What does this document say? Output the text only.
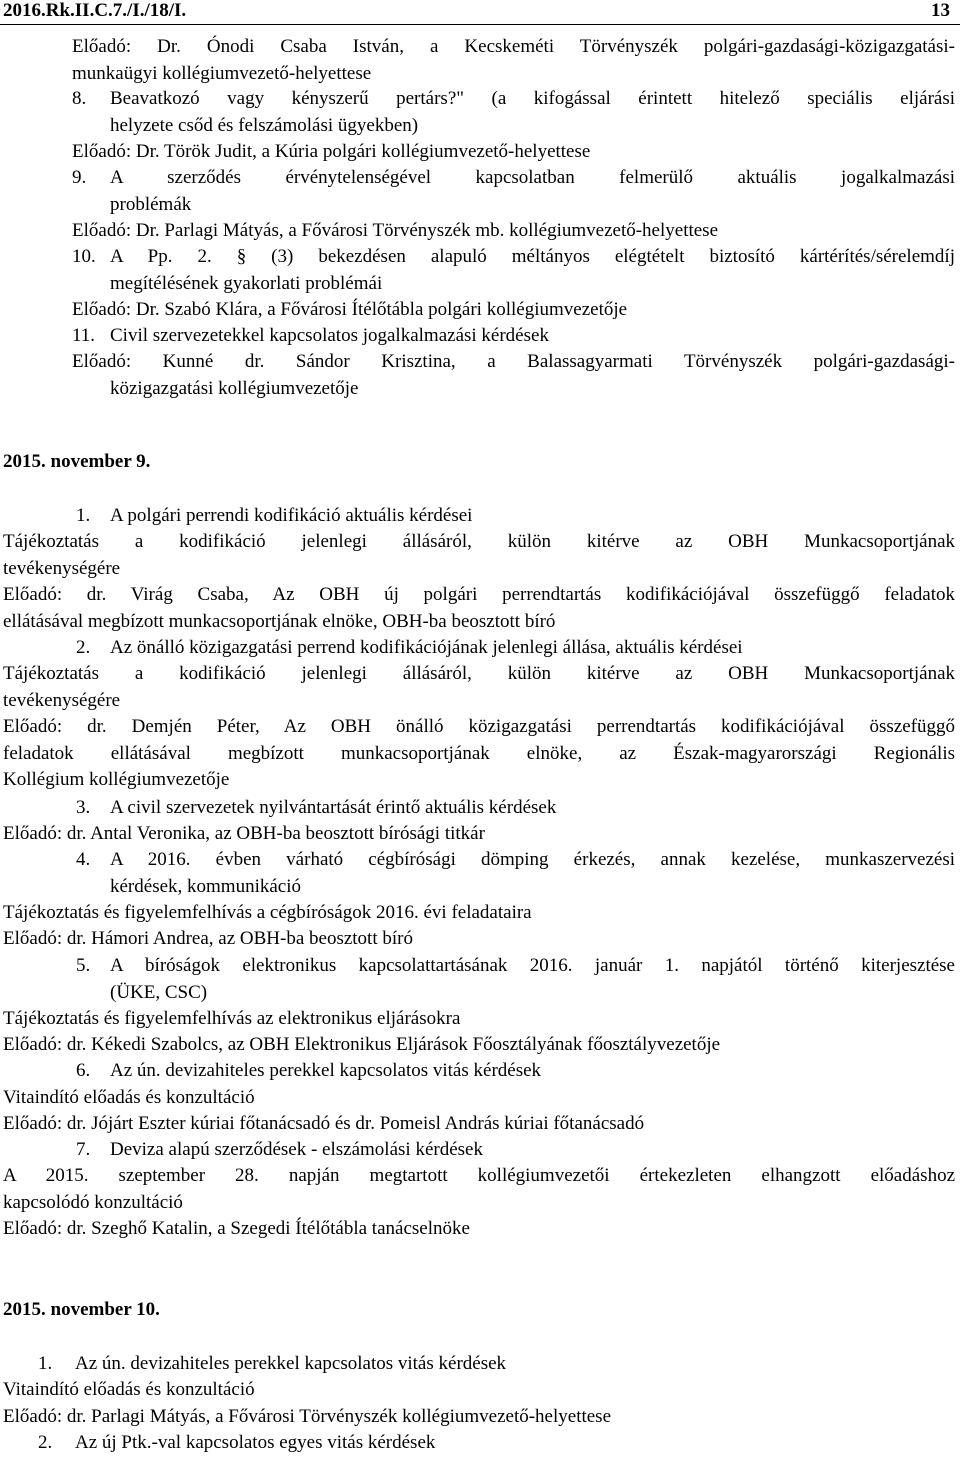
2016.Rk.II.C.7./I./18/I.	13
Előadó: Dr. Ónodi Csaba István, a Kecskeméti Törvényszék polgári-gazdasági-közigazgatási-
munkaügyi kollégiumvezető-helyettese
8. Beavatkozó vagy kényszerű pertárs?" (a kifogással érintett hitelező speciális eljárási
helyzete csőd és felszámolási ügyekben)
Előadó: Dr. Török Judit, a Kúria polgári kollégiumvezető-helyettese
9. A szerződés érvénytelenségével kapcsolatban felmerülő aktuális jogalkalmazási
problémák
Előadó: Dr. Parlagi Mátyás, a Fővárosi Törvényszék mb. kollégiumvezető-helyettese
10. A Pp. 2. § (3) bekezdésen alapuló méltányos elégtételt biztosító kártérítés/sérelemdíj
megítélésének gyakorlati problémái
Előadó: Dr. Szabó Klára, a Fővárosi Ítélőtábla polgári kollégiumvezetője
11. Civil szervezetekkel kapcsolatos jogalkalmazási kérdések
Előadó: Kunné dr. Sándor Krisztina, a Balassagyarmati Törvényszék polgári-gazdasági-
közigazgatási kollégiumvezetője
2015. november 9.
1. A polgári perrendi kodifikáció aktuális kérdései
Tájékoztatás a kodifikáció jelenlegi állásáról, külön kitérve az OBH Munkacsoportjának
tevékenységére
Előadó: dr. Virág Csaba, Az OBH új polgári perrendtartás kodifikációjával összefüggő feladatok
ellátásával megbízott munkacsoportjának elnöke, OBH-ba beosztott bíró
2. Az önálló közigazgatási perrend kodifikációjának jelenlegi állása, aktuális kérdései
Tájékoztatás a kodifikáció jelenlegi állásáról, külön kitérve az OBH Munkacsoportjának
tevékenységére
Előadó: dr. Demjén Péter, Az OBH önálló közigazgatási perrendtartás kodifikációjával összefüggő
feladatok ellátásával megbízott munkacsoportjának elnöke, az Észak-magyarországi Regionális
Kollégium kollégiumvezetője
3. A civil szervezetek nyilvántartását érintő aktuális kérdések
Előadó: dr. Antal Veronika, az OBH-ba beosztott bírósági titkár
4. A 2016. évben várható cégbírósági dömping érkezés, annak kezelése, munkaszervezési
kérdések, kommunikáció
Tájékoztatás és figyelemfelhívás a cégbíróságok 2016. évi feladataira
Előadó: dr. Hámori Andrea, az OBH-ba beosztott bíró
5. A bíróságok elektronikus kapcsolattartásának 2016. január 1. napjától történő kiterjesztése
(ÜKE, CSC)
Tájékoztatás és figyelemfelhívás az elektronikus eljárásokra
Előadó: dr. Kékedi Szabolcs, az OBH Elektronikus Eljárások Főosztályának főosztályvezetője
6. Az ún. devizahiteles perekkel kapcsolatos vitás kérdések
Vitaindító előadás és konzultáció
Előadó: dr. Jójárt Eszter kúriai főtanácsadó és dr. Pomeisl András kúriai főtanácsadó
7. Deviza alapú szerződések - elszámolási kérdések
A 2015. szeptember 28. napján megtartott kollégiumvezetői értekezleten elhangzott előadáshoz
kapcsolódó konzultáció
Előadó: dr. Szeghő Katalin, a Szegedi Ítélőtábla tanácselnöke
2015. november 10.
1. Az ún. devizahiteles perekkel kapcsolatos vitás kérdések
Vitaindító előadás és konzultáció
Előadó: dr. Parlagi Mátyás, a Fővárosi Törvényszék kollégiumvezető-helyettese
2. Az új Ptk.-val kapcsolatos egyes vitás kérdések
